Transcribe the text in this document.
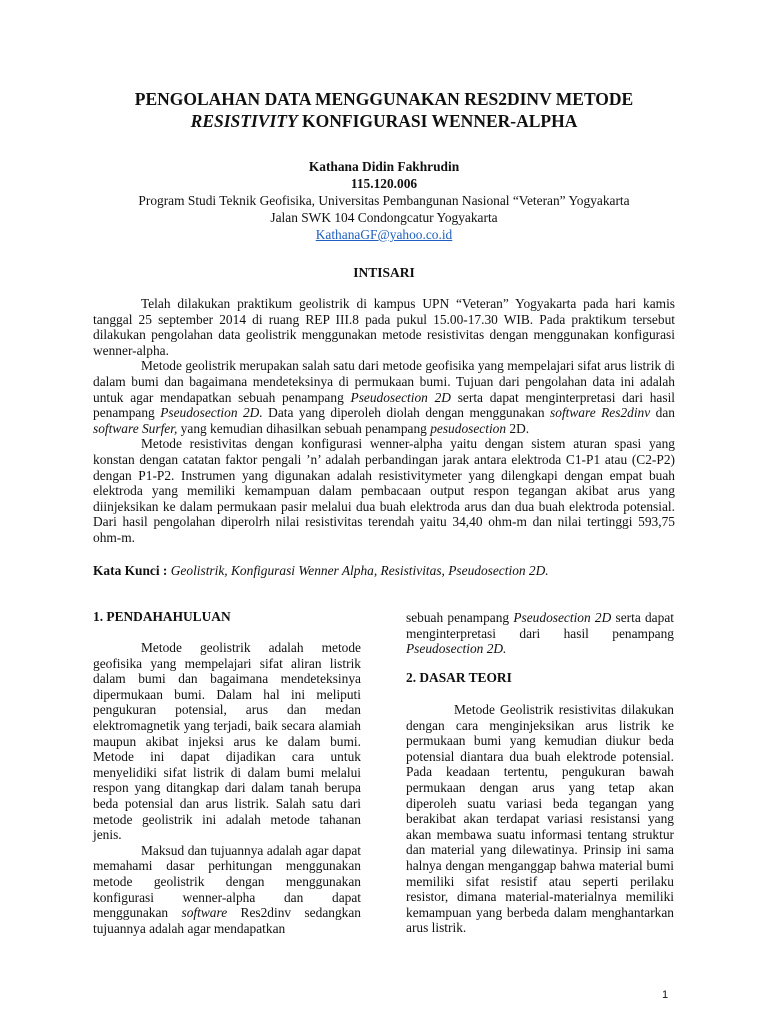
PENGOLAHAN DATA MENGGUNAKAN RES2DINV METODE
RESISTIVITY KONFIGURASI WENNER-ALPHA
Kathana Didin Fakhrudin
115.120.006
Program Studi Teknik Geofisika, Universitas Pembangunan Nasional “Veteran” Yogyakarta
Jalan SWK 104 Condongcatur Yogyakarta
KathanaGF@yahoo.co.id
INTISARI

Telah dilakukan praktikum geolistrik di kampus UPN “Veteran” Yogyakarta pada hari kamis tanggal 25 september 2014 di ruang REP III.8 pada pukul 15.00-17.30 WIB. Pada praktikum tersebut dilakukan pengolahan data geolistrik menggunakan metode resistivitas dengan menggunakan konfigurasi wenner-alpha.

Metode geolistrik merupakan salah satu dari metode geofisika yang mempelajari sifat arus listrik di dalam bumi dan bagaimana mendeteksinya di permukaan bumi. Tujuan dari pengolahan data ini adalah untuk agar mendapatkan sebuah penampang Pseudosection 2D serta dapat menginterpretasi dari hasil penampang Pseudosection 2D. Data yang diperoleh diolah dengan menggunakan software Res2dinv dan software Surfer, yang kemudian dihasilkan sebuah penampang pesudosection 2D.

Metode resistivitas dengan konfigurasi wenner-alpha yaitu dengan sistem aturan spasi yang konstan dengan catatan faktor pengali ’n’ adalah perbandingan jarak antara elektroda C1-P1 atau (C2-P2) dengan P1-P2. Instrumen yang digunakan adalah resistivitymeter yang dilengkapi dengan empat buah elektroda yang memiliki kemampuan dalam pembacaan output respon tegangan akibat arus yang diinjeksikan ke dalam permukaan pasir melalui dua buah elektroda arus dan dua buah elektroda potensial. Dari hasil pengolahan diperolrh nilai resistivitas terendah yaitu 34,40 ohm-m dan nilai tertinggi 593,75 ohm-m.

Kata Kunci : Geolistrik, Konfigurasi Wenner Alpha, Resistivitas, Pseudosection 2D.
1. PENDAHAHULUAN

Metode geolistrik adalah metode geofisika yang mempelajari sifat aliran listrik dalam bumi dan bagaimana mendeteksinya dipermukaan bumi. Dalam hal ini meliputi pengukuran potensial, arus dan medan elektromagnetik yang terjadi, baik secara alamiah maupun akibat injeksi arus ke dalam bumi. Metode ini dapat dijadikan cara untuk menyelidiki sifat listrik di dalam bumi melalui respon yang ditangkap dari dalam tanah berupa beda potensial dan arus listrik. Salah satu dari metode geolistrik ini adalah metode tahanan jenis.

Maksud dan tujuannya adalah agar dapat memahami dasar perhitungan menggunakan metode geolistrik dengan menggunakan konfigurasi wenner-alpha dan dapat menggunakan software Res2dinv sedangkan tujuannya adalah agar mendapatkan

sebuah penampang Pseudosection 2D serta dapat menginterpretasi dari hasil penampang Pseudosection 2D.

2. DASAR TEORI

Metode Geolistrik resistivitas dilakukan dengan cara menginjeksikan arus listrik ke permukaan bumi yang kemudian diukur beda potensial diantara dua buah elektrode potensial. Pada keadaan tertentu, pengukuran bawah permukaan dengan arus yang tetap akan diperoleh suatu variasi beda tegangan yang berakibat akan terdapat variasi resistansi yang akan membawa suatu informasi tentang struktur dan material yang dilewatinya. Prinsip ini sama halnya dengan menganggap bahwa material bumi memiliki sifat resistif atau seperti perilaku resistor, dimana material-materialnya memiliki kemampuan yang berbeda dalam menghantarkan arus listrik.

1
